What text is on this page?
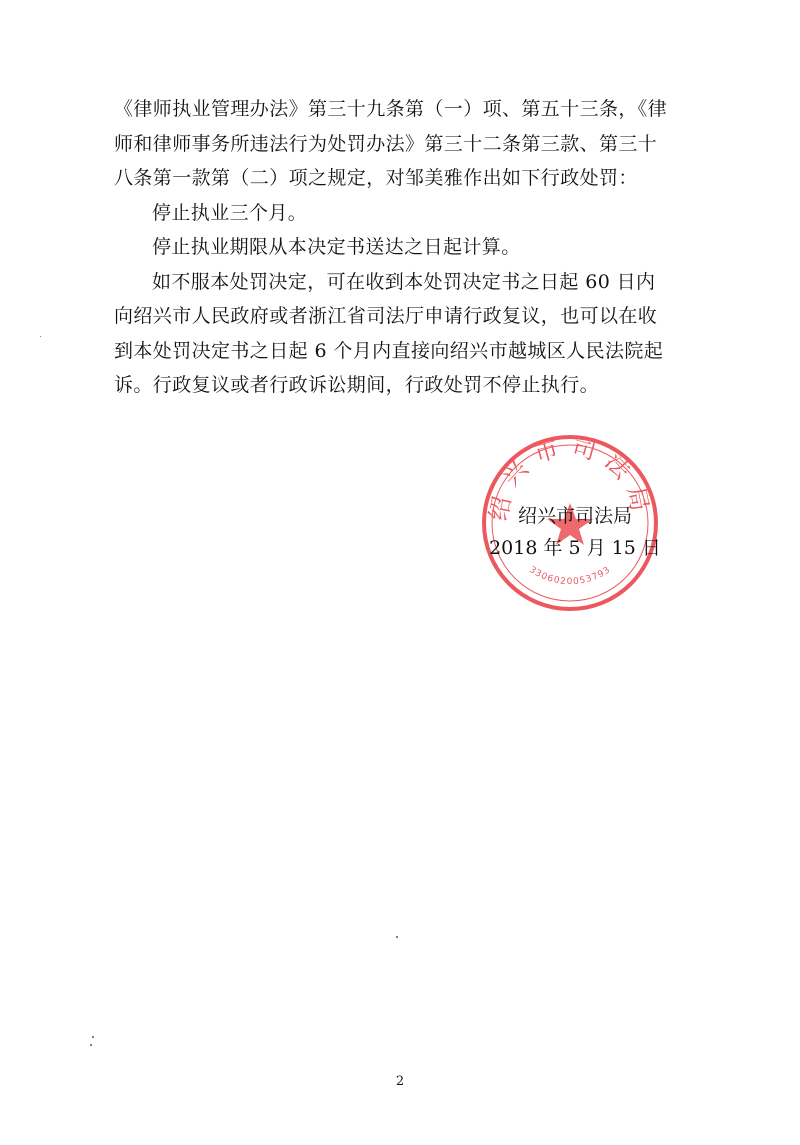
《律师执业管理办法》第三十九条第（一）项、第五十三条，《律师和律师事务所违法行为处罚办法》第三十二条第三款、第三十八条第一款第（二）项之规定，对邹美雅作出如下行政处罚：

停止执业三个月。

停止执业期限从本决定书送达之日起计算。

如不服本处罚决定，可在收到本处罚决定书之日起 60 日内向绍兴市人民政府或者浙江省司法厅申请行政复议，也可以在收到本处罚决定书之日起 6 个月内直接向绍兴市越城区人民法院起诉。行政复议或者行政诉讼期间，行政处罚不停止执行。

绍兴市司法局
3306020053793
绍兴市司法局
2018 年 5 月 15 日
2
